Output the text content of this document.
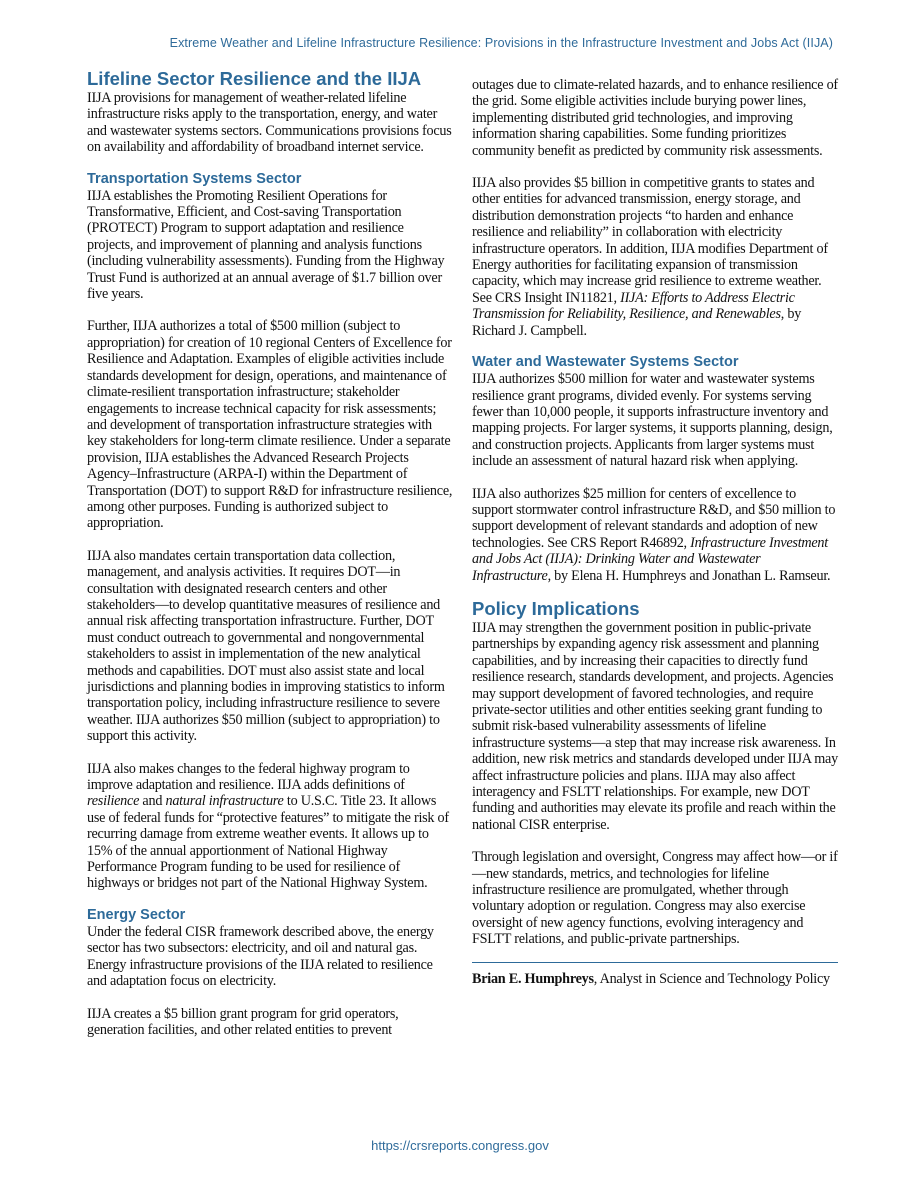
Extreme Weather and Lifeline Infrastructure Resilience: Provisions in the Infrastructure Investment and Jobs Act (IIJA)
Lifeline Sector Resilience and the IIJA

IIJA provisions for management of weather-related lifeline infrastructure risks apply to the transportation, energy, and water and wastewater systems sectors. Communications provisions focus on availability and affordability of broadband internet service.

Transportation Systems Sector

IIJA establishes the Promoting Resilient Operations for Transformative, Efficient, and Cost-saving Transportation (PROTECT) Program to support adaptation and resilience projects, and improvement of planning and analysis functions (including vulnerability assessments). Funding from the Highway Trust Fund is authorized at an annual average of $1.7 billion over five years.

Further, IIJA authorizes a total of $500 million (subject to appropriation) for creation of 10 regional Centers of Excellence for Resilience and Adaptation. Examples of eligible activities include standards development for design, operations, and maintenance of climate-resilient transportation infrastructure; stakeholder engagements to increase technical capacity for risk assessments; and development of transportation infrastructure strategies with key stakeholders for long-term climate resilience. Under a separate provision, IIJA establishes the Advanced Research Projects Agency–Infrastructure (ARPA-I) within the Department of Transportation (DOT) to support R&D for infrastructure resilience, among other purposes. Funding is authorized subject to appropriation.

IIJA also mandates certain transportation data collection, management, and analysis activities. It requires DOT—in consultation with designated research centers and other stakeholders—to develop quantitative measures of resilience and annual risk affecting transportation infrastructure. Further, DOT must conduct outreach to governmental and nongovernmental stakeholders to assist in implementation of the new analytical methods and capabilities. DOT must also assist state and local jurisdictions and planning bodies in improving statistics to inform transportation policy, including infrastructure resilience to severe weather. IIJA authorizes $50 million (subject to appropriation) to support this activity.

IIJA also makes changes to the federal highway program to improve adaptation and resilience. IIJA adds definitions of resilience and natural infrastructure to U.S.C. Title 23. It allows use of federal funds for “protective features” to mitigate the risk of recurring damage from extreme weather events. It allows up to 15% of the annual apportionment of National Highway Performance Program funding to be used for resilience of highways or bridges not part of the National Highway System.

Energy Sector

Under the federal CISR framework described above, the energy sector has two subsectors: electricity, and oil and natural gas. Energy infrastructure provisions of the IIJA related to resilience and adaptation focus on electricity.

IIJA creates a $5 billion grant program for grid operators, generation facilities, and other related entities to prevent

outages due to climate-related hazards, and to enhance resilience of the grid. Some eligible activities include burying power lines, implementing distributed grid technologies, and improving information sharing capabilities. Some funding prioritizes community benefit as predicted by community risk assessments.

IIJA also provides $5 billion in competitive grants to states and other entities for advanced transmission, energy storage, and distribution demonstration projects “to harden and enhance resilience and reliability” in collaboration with electricity infrastructure operators. In addition, IIJA modifies Department of Energy authorities for facilitating expansion of transmission capacity, which may increase grid resilience to extreme weather. See CRS Insight IN11821, IIJA: Efforts to Address Electric Transmission for Reliability, Resilience, and Renewables, by Richard J. Campbell.

Water and Wastewater Systems Sector

IIJA authorizes $500 million for water and wastewater systems resilience grant programs, divided evenly. For systems serving fewer than 10,000 people, it supports infrastructure inventory and mapping projects. For larger systems, it supports planning, design, and construction projects. Applicants from larger systems must include an assessment of natural hazard risk when applying.

IIJA also authorizes $25 million for centers of excellence to support stormwater control infrastructure R&D, and $50 million to support development of relevant standards and adoption of new technologies. See CRS Report R46892, Infrastructure Investment and Jobs Act (IIJA): Drinking Water and Wastewater Infrastructure, by Elena H. Humphreys and Jonathan L. Ramseur.

Policy Implications

IIJA may strengthen the government position in public-private partnerships by expanding agency risk assessment and planning capabilities, and by increasing their capacities to directly fund resilience research, standards development, and projects. Agencies may support development of favored technologies, and require private-sector utilities and other entities seeking grant funding to submit risk-based vulnerability assessments of lifeline infrastructure systems—a step that may increase risk awareness. In addition, new risk metrics and standards developed under IIJA may affect infrastructure policies and plans. IIJA may also affect interagency and FSLTT relationships. For example, new DOT funding and authorities may elevate its profile and reach within the national CISR enterprise.

Through legislation and oversight, Congress may affect how—or if—new standards, metrics, and technologies for lifeline infrastructure resilience are promulgated, whether through voluntary adoption or regulation. Congress may also exercise oversight of new agency functions, evolving interagency and FSLTT relations, and public-private partnerships.

Brian E. Humphreys, Analyst in Science and Technology Policy

https://crsreports.congress.gov
